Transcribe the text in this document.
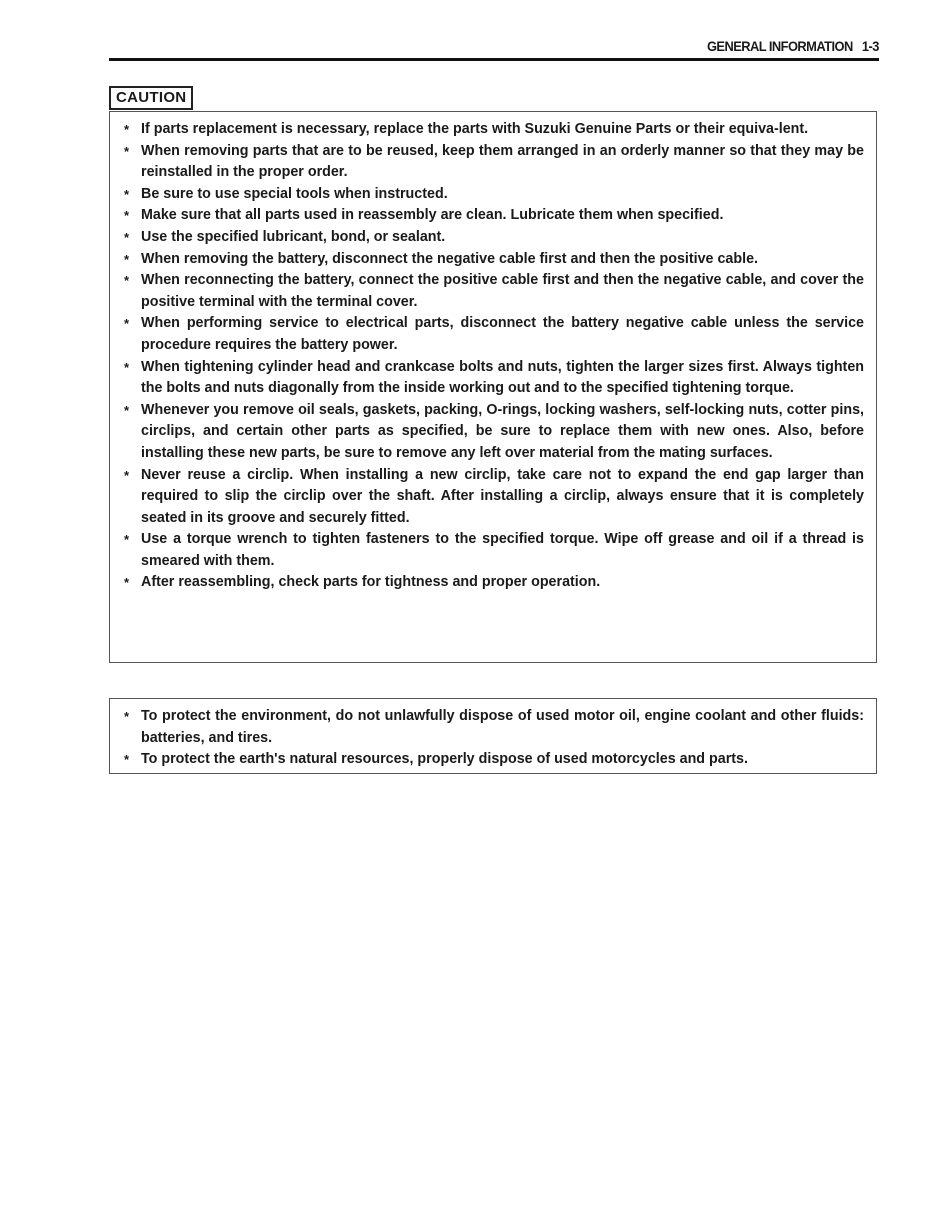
GENERAL INFORMATION 1-3
CAUTION
* If parts replacement is necessary, replace the parts with Suzuki Genuine Parts or their equiva-lent.
* When removing parts that are to be reused, keep them arranged in an orderly manner so that they may be reinstalled in the proper order.
* Be sure to use special tools when instructed.
* Make sure that all parts used in reassembly are clean. Lubricate them when specified.
* Use the specified lubricant, bond, or sealant.
* When removing the battery, disconnect the negative cable first and then the positive cable.
* When reconnecting the battery, connect the positive cable first and then the negative cable, and cover the positive terminal with the terminal cover.
* When performing service to electrical parts, disconnect the battery negative cable unless the service procedure requires the battery power.
* When tightening cylinder head and crankcase bolts and nuts, tighten the larger sizes first. Always tighten the bolts and nuts diagonally from the inside working out and to the specified tightening torque.
* Whenever you remove oil seals, gaskets, packing, O-rings, locking washers, self-locking nuts, cotter pins, circlips, and certain other parts as specified, be sure to replace them with new ones. Also, before installing these new parts, be sure to remove any left over material from the mating surfaces.
* Never reuse a circlip. When installing a new circlip, take care not to expand the end gap larger than required to slip the circlip over the shaft. After installing a circlip, always ensure that it is completely seated in its groove and securely fitted.
* Use a torque wrench to tighten fasteners to the specified torque. Wipe off grease and oil if a thread is smeared with them.
* After reassembling, check parts for tightness and proper operation.
* To protect the environment, do not unlawfully dispose of used motor oil, engine coolant and other fluids: batteries, and tires.
* To protect the earth's natural resources, properly dispose of used motorcycles and parts.
